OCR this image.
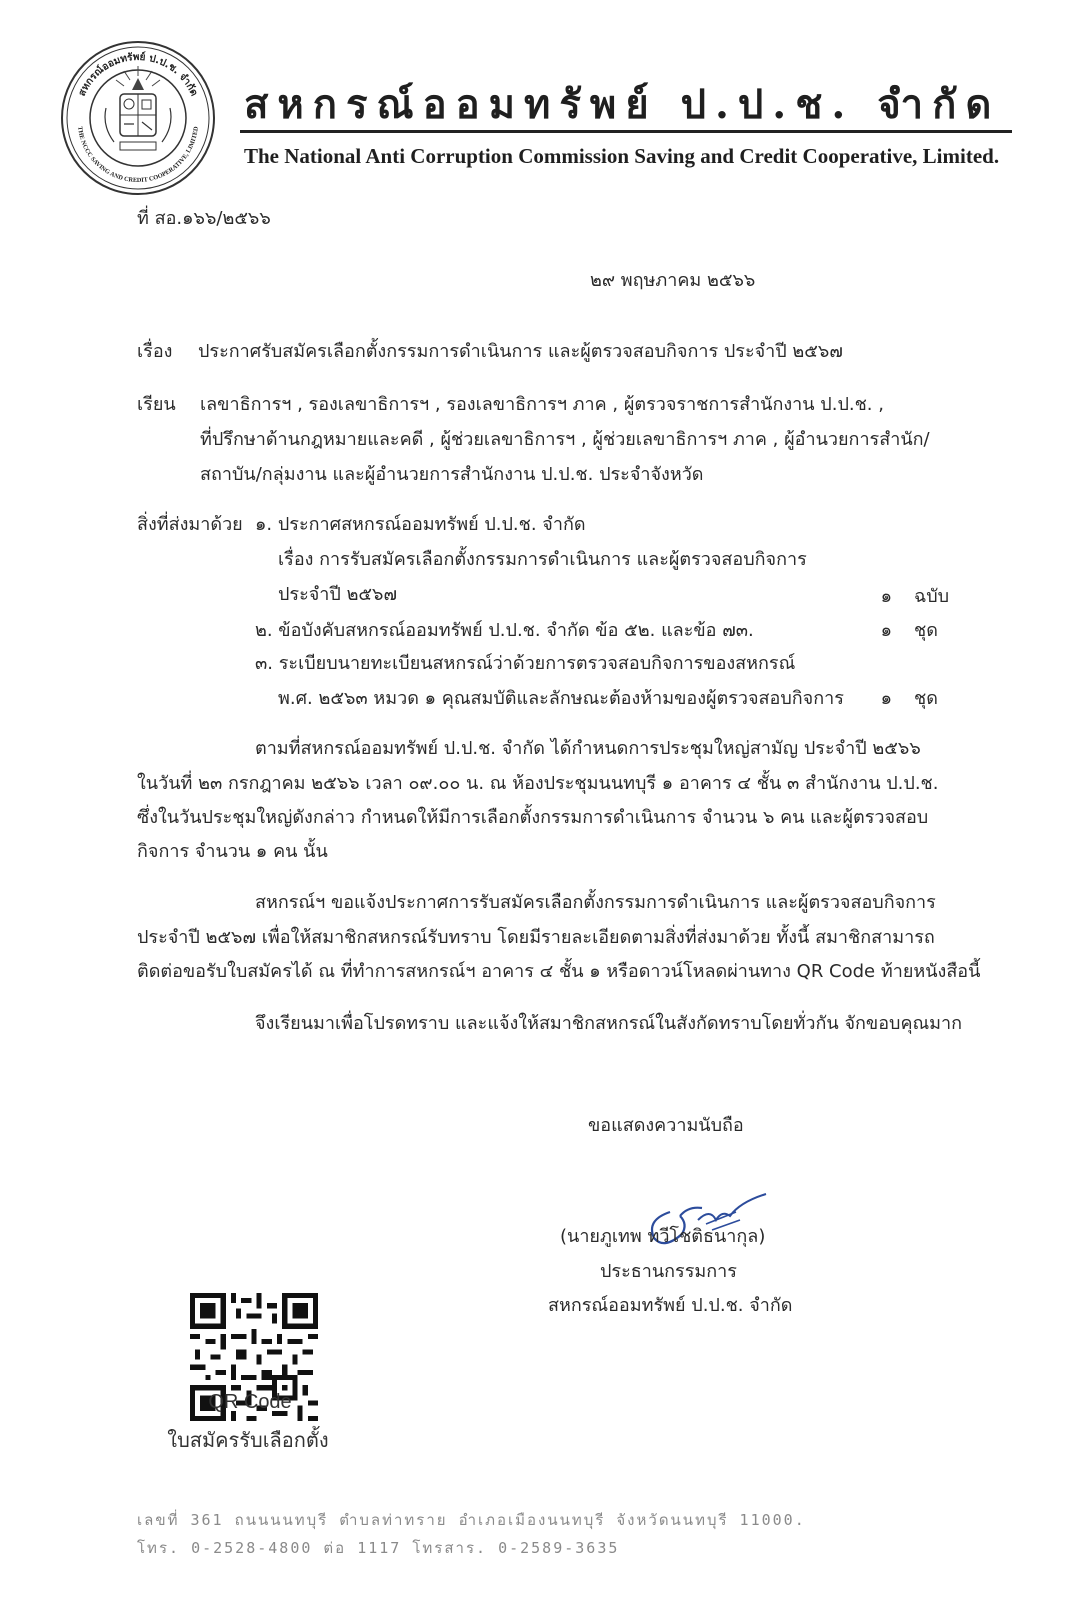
สหกรณ์ออมทรัพย์ ป.ป.ช. จำกัด
THE NCCC SAVING AND CREDIT COOPERATIVE, LIMITED
สหกรณ์ออมทรัพย์ ป.ป.ช. จำกัด
The National Anti Corruption Commission Saving and Credit Cooperative, Limited.
ที่ สอ.๑๖๖/๒๕๖๖
๒๙ พฤษภาคม ๒๕๖๖
เรื่อง ประกาศรับสมัครเลือกตั้งกรรมการดำเนินการ และผู้ตรวจสอบกิจการ ประจำปี ๒๕๖๗
เรียน เลขาธิการฯ , รองเลขาธิการฯ , รองเลขาธิการฯ ภาค , ผู้ตรวจราชการสำนักงาน ป.ป.ช. ,
ที่ปรึกษาด้านกฎหมายและคดี , ผู้ช่วยเลขาธิการฯ , ผู้ช่วยเลขาธิการฯ ภาค , ผู้อำนวยการสำนัก/
สถาบัน/กลุ่มงาน และผู้อำนวยการสำนักงาน ป.ป.ช. ประจำจังหวัด
สิ่งที่ส่งมาด้วย ๑. ประกาศสหกรณ์ออมทรัพย์ ป.ป.ช. จำกัด
เรื่อง การรับสมัครเลือกตั้งกรรมการดำเนินการ และผู้ตรวจสอบกิจการ
ประจำปี ๒๕๖๗	๑ ฉบับ
๒. ข้อบังคับสหกรณ์ออมทรัพย์ ป.ป.ช. จำกัด ข้อ ๕๒. และข้อ ๗๓.	๑ ชุด
๓. ระเบียบนายทะเบียนสหกรณ์ว่าด้วยการตรวจสอบกิจการของสหกรณ์
พ.ศ. ๒๕๖๓ หมวด ๑ คุณสมบัติและลักษณะต้องห้ามของผู้ตรวจสอบกิจการ	๑ ชุด
ตามที่สหกรณ์ออมทรัพย์ ป.ป.ช. จำกัด ได้กำหนดการประชุมใหญ่สามัญ ประจำปี ๒๕๖๖
ในวันที่ ๒๓ กรกฎาคม ๒๕๖๖ เวลา ๐๙.๐๐ น. ณ ห้องประชุมนนทบุรี ๑ อาคาร ๔ ชั้น ๓ สำนักงาน ป.ป.ช.
ซึ่งในวันประชุมใหญ่ดังกล่าว กำหนดให้มีการเลือกตั้งกรรมการดำเนินการ จำนวน ๖ คน และผู้ตรวจสอบ
กิจการ จำนวน ๑ คน นั้น
สหกรณ์ฯ ขอแจ้งประกาศการรับสมัครเลือกตั้งกรรมการดำเนินการ และผู้ตรวจสอบกิจการ
ประจำปี ๒๕๖๗ เพื่อให้สมาชิกสหกรณ์รับทราบ โดยมีรายละเอียดตามสิ่งที่ส่งมาด้วย ทั้งนี้ สมาชิกสามารถ
ติดต่อขอรับใบสมัครได้ ณ ที่ทำการสหกรณ์ฯ อาคาร ๔ ชั้น ๑ หรือดาวน์โหลดผ่านทาง QR Code ท้ายหนังสือนี้
จึงเรียนมาเพื่อโปรดทราบ และแจ้งให้สมาชิกสหกรณ์ในสังกัดทราบโดยทั่วกัน จักขอบคุณมาก
ขอแสดงความนับถือ
(นายภูเทพ ทวีโชติธนากุล)
ประธานกรรมการ
สหกรณ์ออมทรัพย์ ป.ป.ช. จำกัด
QR Code
ใบสมัครรับเลือกตั้ง
เลขที่ 361 ถนนนนทบุรี ตำบลท่าทราย อำเภอเมืองนนทบุรี จังหวัดนนทบุรี 11000.
โทร. 0-2528-4800 ต่อ 1117 โทรสาร. 0-2589-3635
